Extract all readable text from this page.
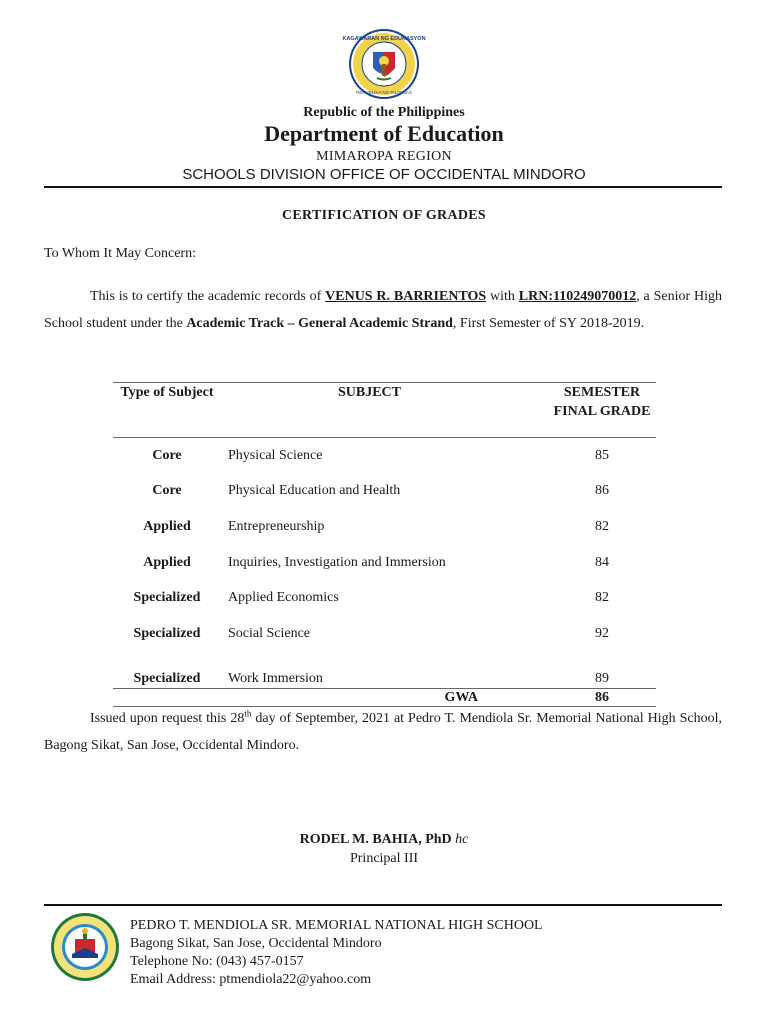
KAGAWARAN NG EDUKASYON
REPUBLIKA NG PILIPINAS
Republic of the Philippines
Department of Education
MIMAROPA REGION
SCHOOLS DIVISION OFFICE OF OCCIDENTAL MINDORO
CERTIFICATION OF GRADES
To Whom It May Concern:
This is to certify the academic records of VENUS R. BARRIENTOS with LRN:110249070012, a Senior High School student under the Academic Track – General Academic Strand, First Semester of SY 2018-2019.
Type of Subject	SUBJECT	SEMESTER FINAL GRADE
Core	Physical Science	85
Core	Physical Education and Health	86
Applied	Entrepreneurship	82
Applied	Inquiries, Investigation and Immersion	84
Specialized	Applied Economics	82
Specialized	Social Science	92
Specialized	Work Immersion	89
	GWA	86
Issued upon request this 28th day of September, 2021 at Pedro T. Mendiola Sr. Memorial National High School, Bagong Sikat, San Jose, Occidental Mindoro.
RODEL M. BAHIA, PhD hc
Principal III
PEDRO T. MENDIOLA SR. MEMORIAL NATIONAL HIGH SCHOOL
Bagong Sikat, San Jose, Occidental Mindoro
Telephone No: (043) 457-0157
Email Address: ptmendiola22@yahoo.com
